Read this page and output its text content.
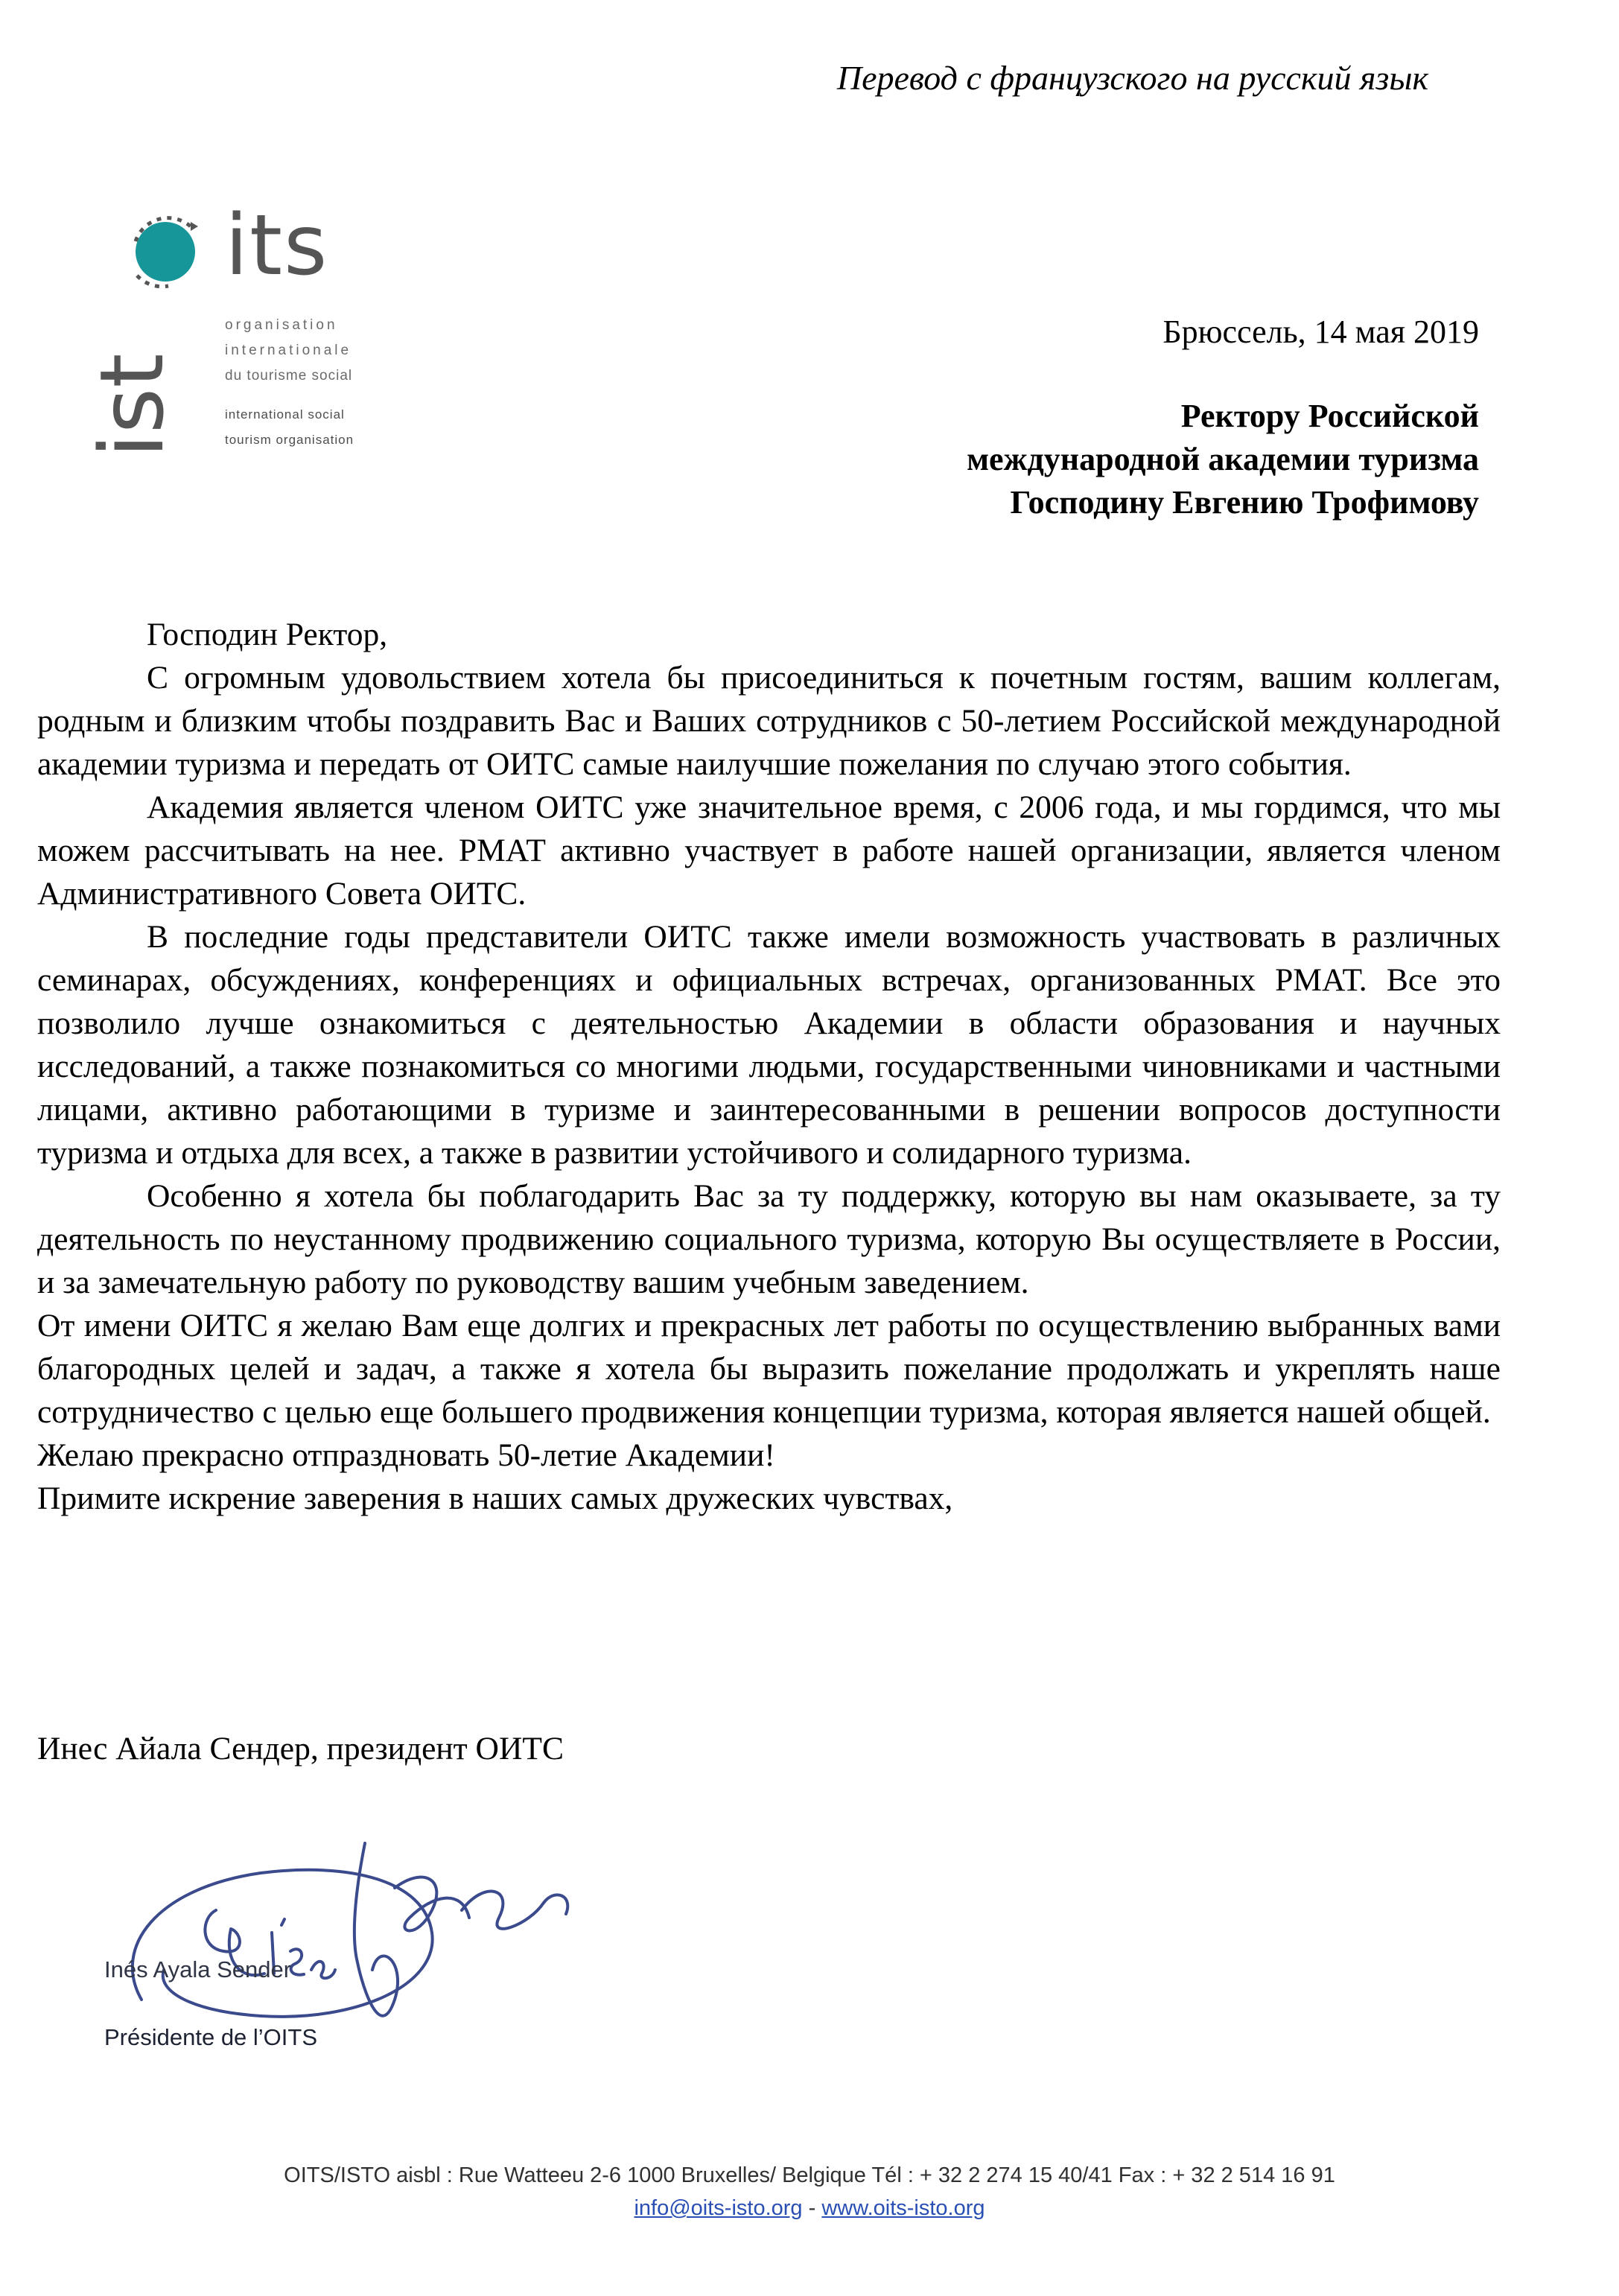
Перевод с французского на русский язык
ist
its
organisation
internationale
du tourisme social
international social
tourism organisation
Брюссель, 14 мая 2019
Ректору Российской
международной академии туризма
Господину Евгению Трофимову

Господин Ректор,

С огромным удовольствием хотела бы присоединиться к почетным гостям, вашим коллегам, родным и близким чтобы поздравить Вас и Ваших сотрудников с 50-летием Российской международной академии туризма и передать от ОИТС самые наилучшие пожелания по случаю этого события.

Академия является членом ОИТС уже значительное время, с 2006 года, и мы гордимся, что мы можем рассчитывать на нее. РМАТ активно участвует в работе нашей организации, является членом Административного Совета ОИТС.

В последние годы представители ОИТС также имели возможность участвовать в различных семинарах, обсуждениях, конференциях и официальных встречах, организованных РМАТ. Все это позволило лучше ознакомиться с деятельностью Академии в области образования и научных исследований, а также познакомиться со многими людьми, государственными чиновниками и частными лицами, активно работающими в туризме и заинтересованными в решении вопросов доступности туризма и отдыха для всех, а также в развитии устойчивого и солидарного туризма.

Особенно я хотела бы поблагодарить Вас за ту поддержку, которую вы нам оказываете, за ту деятельность по неустанному продвижению социального туризма, которую Вы осуществляете в России, и за замечательную работу по руководству вашим учебным заведением.

От имени ОИТС я желаю Вам еще долгих и прекрасных лет работы по осуществлению выбранных вами благородных целей и задач, а также я хотела бы выразить пожелание продолжать и укреплять наше сотрудничество с целью еще большего продвижения концепции туризма, которая является нашей общей.

Желаю прекрасно отпраздновать 50-летие Академии!

Примите искрение заверения в наших самых дружеских чувствах,

Инес Айала Сендер, президент ОИТС
Inés Ayala Sender
Présidente de l’OITS
OITS/ISTO aisbl : Rue Watteeu 2-6 1000 Bruxelles/ Belgique Tél : + 32 2 274 15 40/41 Fax : + 32 2 514 16 91
info@oits-isto.org - www.oits-isto.org
